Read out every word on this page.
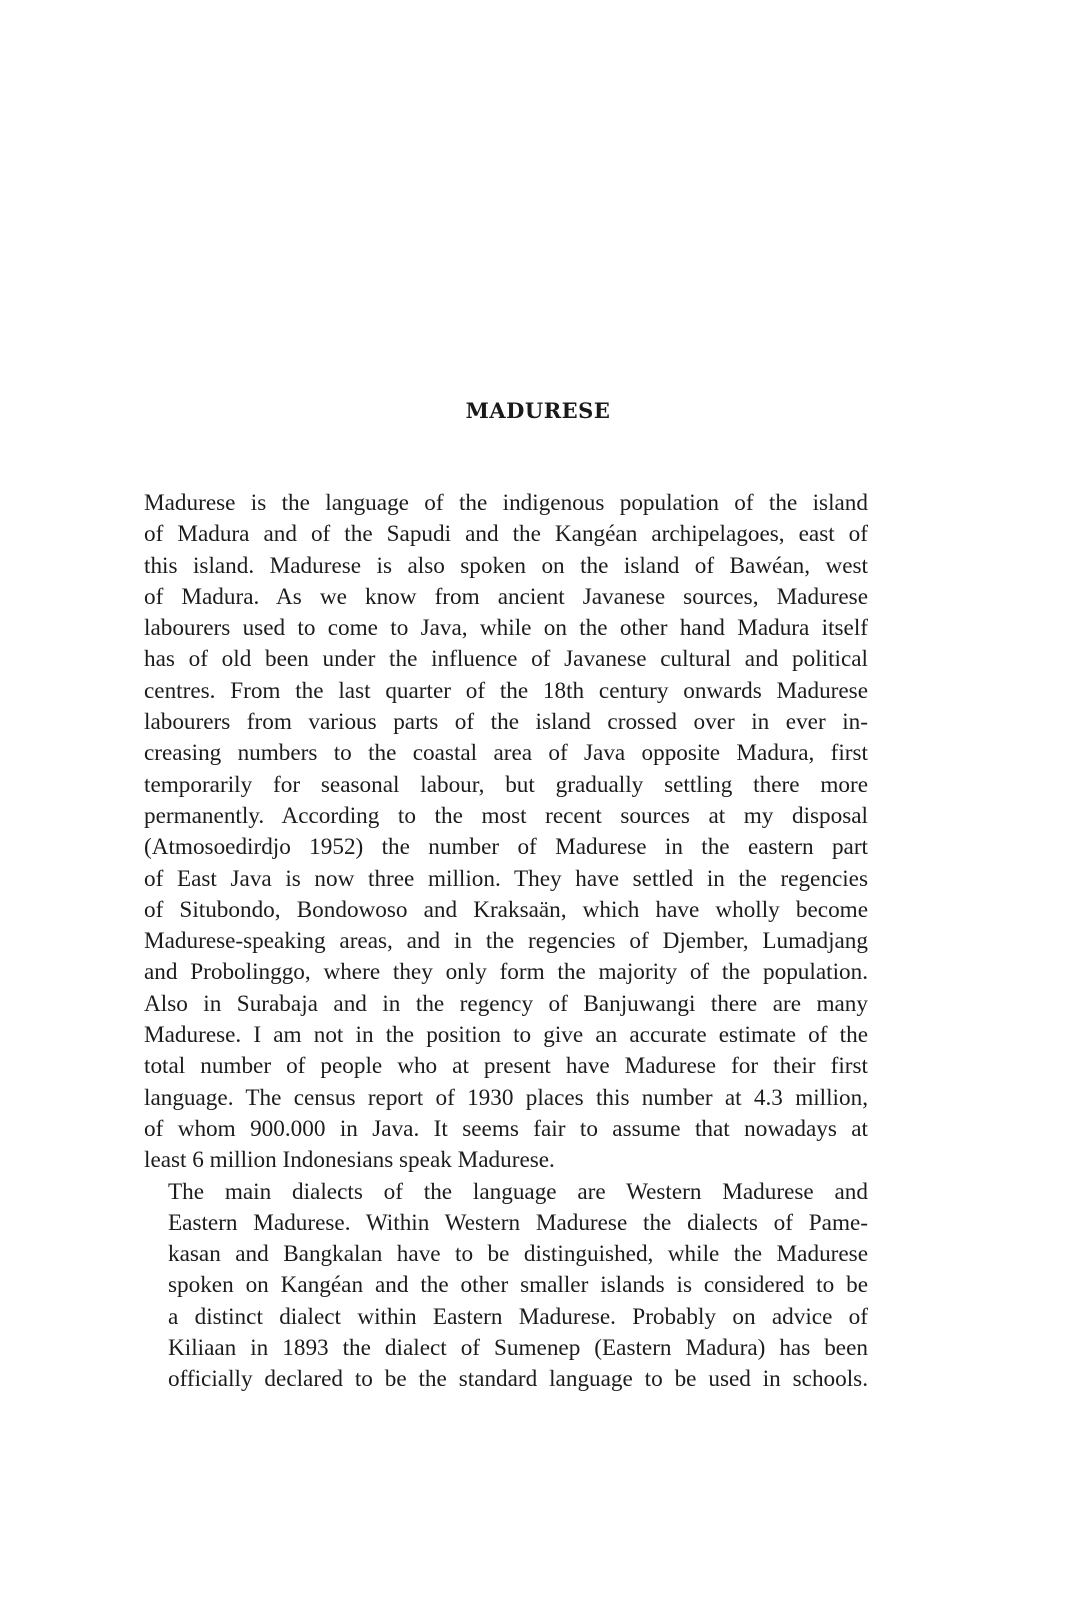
MADURESE
Madurese is the language of the indigenous population of the island
of Madura and of the Sapudi and the Kangéan archipelagoes, east of
this island. Madurese is also spoken on the island of Bawéan, west
of Madura. As we know from ancient Javanese sources, Madurese
labourers used to come to Java, while on the other hand Madura itself
has of old been under the influence of Javanese cultural and political
centres. From the last quarter of the 18th century onwards Madurese
labourers from various parts of the island crossed over in ever in-
creasing numbers to the coastal area of Java opposite Madura, first
temporarily for seasonal labour, but gradually settling there more
permanently. According to the most recent sources at my disposal
(Atmosoedirdjo 1952) the number of Madurese in the eastern part
of East Java is now three million. They have settled in the regencies
of Situbondo, Bondowoso and Kraksaän, which have wholly become
Madurese-speaking areas, and in the regencies of Djember, Lumadjang
and Probolinggo, where they only form the majority of the population.
Also in Surabaja and in the regency of Banjuwangi there are many
Madurese. I am not in the position to give an accurate estimate of the
total number of people who at present have Madurese for their first
language. The census report of 1930 places this number at 4.3 million,
of whom 900.000 in Java. It seems fair to assume that nowadays at
least 6 million Indonesians speak Madurese.
The main dialects of the language are Western Madurese and
Eastern Madurese. Within Western Madurese the dialects of Pame-
kasan and Bangkalan have to be distinguished, while the Madurese
spoken on Kangéan and the other smaller islands is considered to be
a distinct dialect within Eastern Madurese. Probably on advice of
Kiliaan in 1893 the dialect of Sumenep (Eastern Madura) has been
officially declared to be the standard language to be used in schools.
